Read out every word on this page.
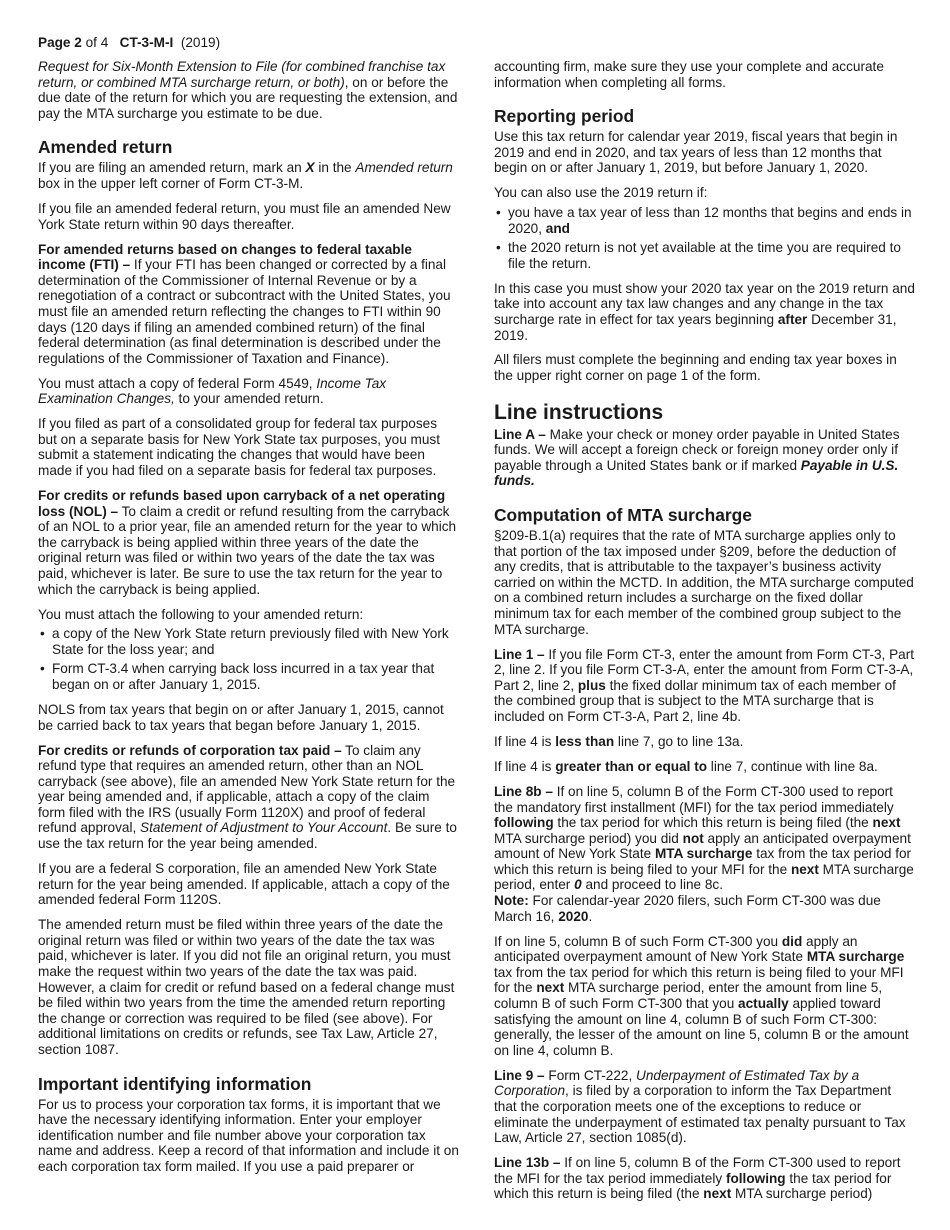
Page 2 of 4 CT-3-M-I (2019)

Request for Six-Month Extension to File (for combined franchise tax return, or combined MTA surcharge return, or both), on or before the due date of the return for which you are requesting the extension, and pay the MTA surcharge you estimate to be due.

Amended return

If you are filing an amended return, mark an X in the Amended return box in the upper left corner of Form CT-3-M.

If you file an amended federal return, you must file an amended New York State return within 90 days thereafter.

For amended returns based on changes to federal taxable income (FTI) – If your FTI has been changed or corrected by a final determination of the Commissioner of Internal Revenue or by a renegotiation of a contract or subcontract with the United States, you must file an amended return reflecting the changes to FTI within 90 days (120 days if filing an amended combined return) of the final federal determination (as final determination is described under the regulations of the Commissioner of Taxation and Finance).

You must attach a copy of federal Form 4549, Income Tax Examination Changes, to your amended return.

If you filed as part of a consolidated group for federal tax purposes but on a separate basis for New York State tax purposes, you must submit a statement indicating the changes that would have been made if you had filed on a separate basis for federal tax purposes.

For credits or refunds based upon carryback of a net operating loss (NOL) – To claim a credit or refund resulting from the carryback of an NOL to a prior year, file an amended return for the year to which the carryback is being applied within three years of the date the original return was filed or within two years of the date the tax was paid, whichever is later. Be sure to use the tax return for the year to which the carryback is being applied.

You must attach the following to your amended return:

• a copy of the New York State return previously filed with New York State for the loss year; and
• Form CT-3.4 when carrying back loss incurred in a tax year that began on or after January 1, 2015.

NOLS from tax years that begin on or after January 1, 2015, cannot be carried back to tax years that began before January 1, 2015.

For credits or refunds of corporation tax paid – To claim any refund type that requires an amended return, other than an NOL carryback (see above), file an amended New York State return for the year being amended and, if applicable, attach a copy of the claim form filed with the IRS (usually Form 1120X) and proof of federal refund approval, Statement of Adjustment to Your Account. Be sure to use the tax return for the year being amended.

If you are a federal S corporation, file an amended New York State return for the year being amended. If applicable, attach a copy of the amended federal Form 1120S.

The amended return must be filed within three years of the date the original return was filed or within two years of the date the tax was paid, whichever is later. If you did not file an original return, you must make the request within two years of the date the tax was paid. However, a claim for credit or refund based on a federal change must be filed within two years from the time the amended return reporting the change or correction was required to be filed (see above). For additional limitations on credits or refunds, see Tax Law, Article 27, section 1087.

Important identifying information

For us to process your corporation tax forms, it is important that we have the necessary identifying information. Enter your employer identification number and file number above your corporation tax name and address. Keep a record of that information and include it on each corporation tax form mailed. If you use a paid preparer or

accounting firm, make sure they use your complete and accurate information when completing all forms.

Reporting period

Use this tax return for calendar year 2019, fiscal years that begin in 2019 and end in 2020, and tax years of less than 12 months that begin on or after January 1, 2019, but before January 1, 2020.

You can also use the 2019 return if:

• you have a tax year of less than 12 months that begins and ends in 2020, and
• the 2020 return is not yet available at the time you are required to file the return.

In this case you must show your 2020 tax year on the 2019 return and take into account any tax law changes and any change in the tax surcharge rate in effect for tax years beginning after December 31, 2019.

All filers must complete the beginning and ending tax year boxes in the upper right corner on page 1 of the form.

Line instructions

Line A – Make your check or money order payable in United States funds. We will accept a foreign check or foreign money order only if payable through a United States bank or if marked Payable in U.S. funds.

Computation of MTA surcharge

§209-B.1(a) requires that the rate of MTA surcharge applies only to that portion of the tax imposed under §209, before the deduction of any credits, that is attributable to the taxpayer’s business activity carried on within the MCTD. In addition, the MTA surcharge computed on a combined return includes a surcharge on the fixed dollar minimum tax for each member of the combined group subject to the MTA surcharge.

Line 1 – If you file Form CT-3, enter the amount from Form CT-3, Part 2, line 2. If you file Form CT-3-A, enter the amount from Form CT-3-A, Part 2, line 2, plus the fixed dollar minimum tax of each member of the combined group that is subject to the MTA surcharge that is included on Form CT-3-A, Part 2, line 4b.

If line 4 is less than line 7, go to line 13a.

If line 4 is greater than or equal to line 7, continue with line 8a.

Line 8b – If on line 5, column B of the Form CT-300 used to report the mandatory first installment (MFI) for the tax period immediately following the tax period for which this return is being filed (the next MTA surcharge period) you did not apply an anticipated overpayment amount of New York State MTA surcharge tax from the tax period for which this return is being filed to your MFI for the next MTA surcharge period, enter 0 and proceed to line 8c.
Note: For calendar-year 2020 filers, such Form CT-300 was due March 16, 2020.

If on line 5, column B of such Form CT-300 you did apply an anticipated overpayment amount of New York State MTA surcharge tax from the tax period for which this return is being filed to your MFI for the next MTA surcharge period, enter the amount from line 5, column B of such Form CT-300 that you actually applied toward satisfying the amount on line 4, column B of such Form CT-300: generally, the lesser of the amount on line 5, column B or the amount on line 4, column B.

Line 9 – Form CT-222, Underpayment of Estimated Tax by a Corporation, is filed by a corporation to inform the Tax Department that the corporation meets one of the exceptions to reduce or eliminate the underpayment of estimated tax penalty pursuant to Tax Law, Article 27, section 1085(d).

Line 13b – If on line 5, column B of the Form CT-300 used to report the MFI for the tax period immediately following the tax period for which this return is being filed (the next MTA surcharge period)
